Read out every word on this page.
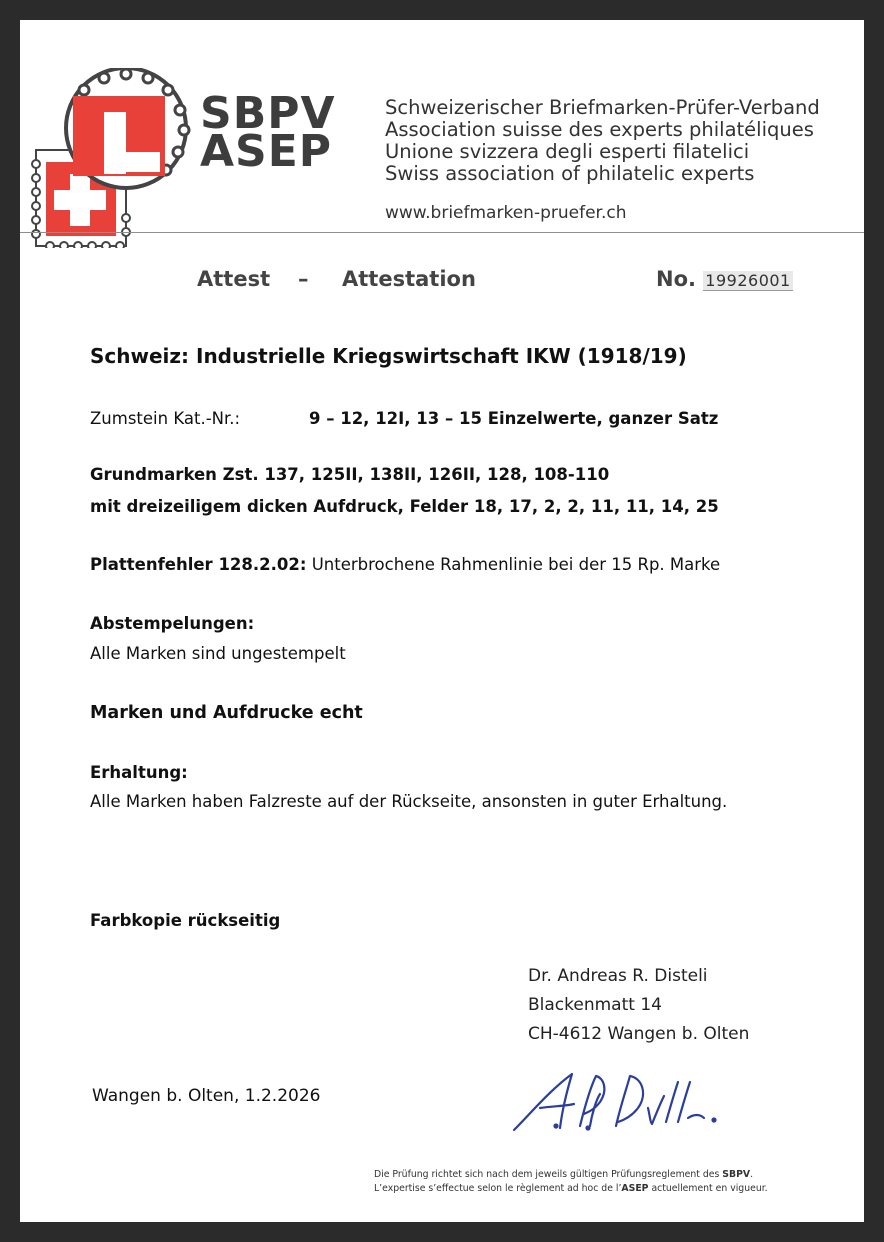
SBPV
ASEP
Schweizerischer Briefmarken-Prüfer-Verband
Association suisse des experts philatéliques
Unione svizzera degli esperti filatelici
Swiss association of philatelic experts
www.briefmarken-pruefer.ch
Attest – Attestation	No. 19926001
Schweiz: Industrielle Kriegswirtschaft IKW (1918/19)
Zumstein Kat.-Nr.:	9 – 12, 12I, 13 – 15 Einzelwerte, ganzer Satz
Grundmarken Zst. 137, 125II, 138II, 126II, 128, 108-110
mit dreizeiligem dicken Aufdruck, Felder 18, 17, 2, 2, 11, 11, 14, 25
Plattenfehler 128.2.02: Unterbrochene Rahmenlinie bei der 15 Rp. Marke
Abstempelungen:
Alle Marken sind ungestempelt
Marken und Aufdrucke echt
Erhaltung:
Alle Marken haben Falzreste auf der Rückseite, ansonsten in guter Erhaltung.
Farbkopie rückseitig
Dr. Andreas R. Disteli
Blackenmatt 14
CH-4612 Wangen b. Olten
Wangen b. Olten, 1.2.2026
Die Prüfung richtet sich nach dem jeweils gültigen Prüfungsreglement des SBPV.
L’expertise s’effectue selon le règlement ad hoc de l’ASEP actuellement en vigueur.
